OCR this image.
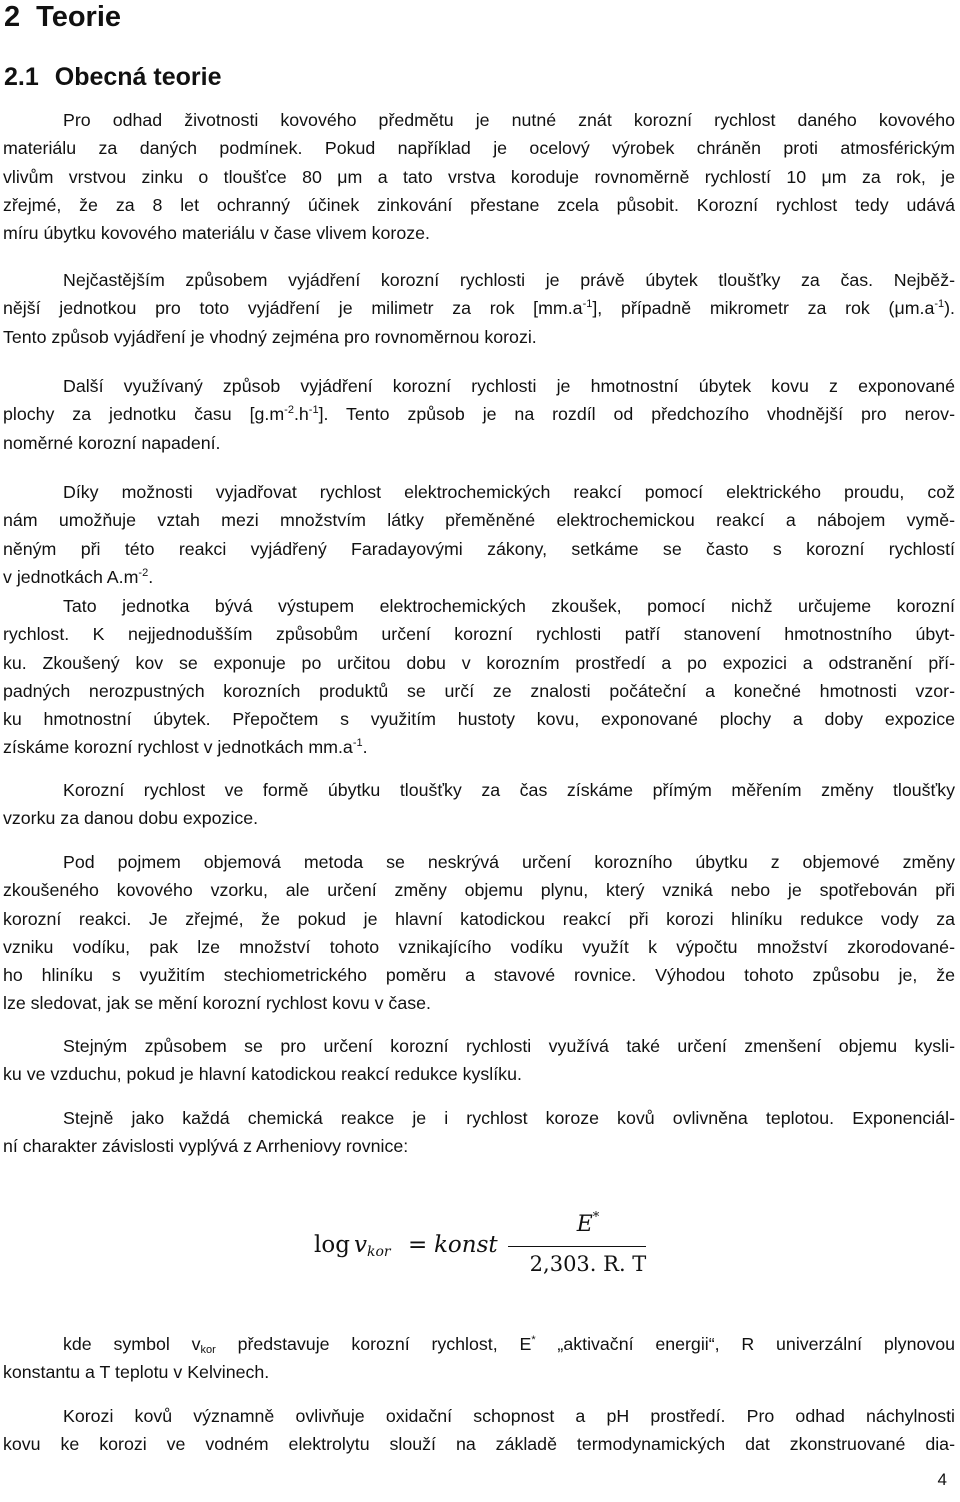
2 Teorie
2.1 Obecná teorie
Pro odhad životnosti kovového předmětu je nutné znát korozní rychlost daného kovového
materiálu za daných podmínek. Pokud například je ocelový výrobek chráněn proti atmosférickým
vlivům vrstvou zinku o tloušťce 80 μm a tato vrstva koroduje rovnoměrně rychlostí 10 μm za rok, je
zřejmé, že za 8 let ochranný účinek zinkování přestane zcela působit. Korozní rychlost tedy udává
míru úbytku kovového materiálu v čase vlivem koroze.
Nejčastějším způsobem vyjádření korozní rychlosti je právě úbytek tloušťky za čas. Nejběž-
nější jednotkou pro toto vyjádření je milimetr za rok $[mm.a^{-1}]$, případně mikrometr za rok $(\mu m.a^{-1})$.
Tento způsob vyjádření je vhodný zejména pro rovnoměrnou korozi.
Další využívaný způsob vyjádření korozní rychlosti je hmotnostní úbytek kovu z exponované
plochy za jednotku času $[g.m^{-2}.h^{-1}]$. Tento způsob je na rozdíl od předchozího vhodnější pro nerov-
noměrné korozní napadení.
Díky možnosti vyjadřovat rychlost elektrochemických reakcí pomocí elektrického proudu, což
nám umožňuje vztah mezi množstvím látky přeměněné elektrochemickou reakcí a nábojem vymě-
něným při této reakci vyjádřený Faradayovými zákony, setkáme se často s korozní rychlostí
v jednotkách $A.m^{-2}$.
Tato jednotka bývá výstupem elektrochemických zkoušek, pomocí nichž určujeme korozní
rychlost. K nejjednodušším způsobům určení korozní rychlosti patří stanovení hmotnostního úbyt-
ku. Zkoušený kov se exponuje po určitou dobu v korozním prostředí a po expozici a odstranění pří-
padných nerozpustných korozních produktů se určí ze znalosti počáteční a konečné hmotnosti vzor-
ku hmotnostní úbytek. Přepočtem s využitím hustoty kovu, exponované plochy a doby expozice
získáme korozní rychlost v jednotkách $mm.a^{-1}$.
Korozní rychlost ve formě úbytku tloušťky za čas získáme přímým měřením změny tloušťky
vzorku za danou dobu expozice.
Pod pojmem objemová metoda se neskrývá určení korozního úbytku z objemové změny
zkoušeného kovového vzorku, ale určení změny objemu plynu, který vzniká nebo je spotřebován při
korozní reakci. Je zřejmé, že pokud je hlavní katodickou reakcí při korozi hliníku redukce vody za
vzniku vodíku, pak lze množství tohoto vznikajícího vodíku využít k výpočtu množství zkorodované-
ho hliníku s využitím stechiometrického poměru a stavové rovnice. Výhodou tohoto způsobu je, že
lze sledovat, jak se mění korozní rychlost kovu v čase.
Stejným způsobem se pro určení korozní rychlosti využívá také určení zmenšení objemu kysli-
ku ve vzduchu, pokud je hlavní katodickou reakcí redukce kyslíku.
Stejně jako každá chemická reakce je i rychlost koroze kovů ovlivněna teplotou. Exponenciál-
ní charakter závislosti vyplývá z Arrheniovy rovnice:
$\log v_{kor}$ = konst
E*
2,303. R. T
kde symbol $v_{kor}$ představuje korozní rychlost, E* „aktivační energii“, R univerzální plynovou
konstantu a T teplotu v Kelvinech.
Korozi kovů významně ovlivňuje oxidační schopnost a pH prostředí. Pro odhad náchylnosti
kovu ke korozi ve vodném elektrolytu slouží na základě termodynamických dat zkonstruované dia-
4
